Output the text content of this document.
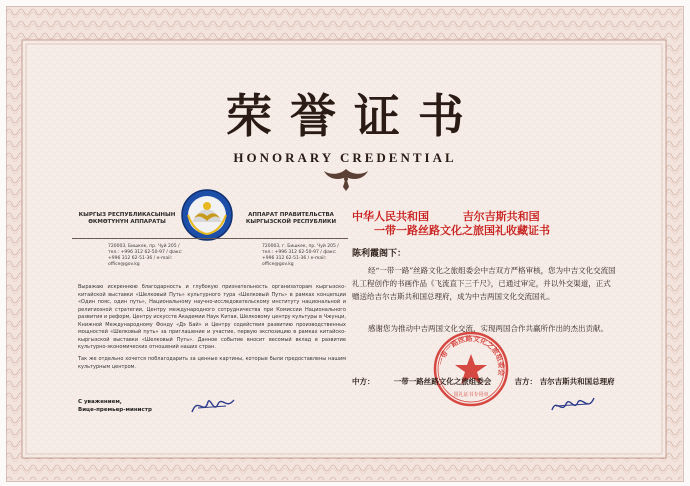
荣誉证书
HONORARY CREDENTIAL
КЫРГЫЗ РЕСПУБЛИКАСЫНЫН ӨКМӨТҮНҮН АППАРАТЫ
АППАРАТ ПРАВИТЕЛЬСТВА КЫРГЫЗСКОЙ РЕСПУБЛИКИ
720003, Бишкек, пр. Чуй 205 / тел.: +996 312 62-50-97 / факс: +996 312 62-51-36 / e-mail: office@gov.kg
720003, г. Бишкек, пр. Чуй 205 / тел.: +996 312 62-50-97 / факс: +996 312 62-51-36 / e-mail: office@gov.kg
Выражаю искреннюю благодарность и глубокую признательность организаторам кыргызско-китайской выставки «Шелковый Путь» культурного тура «Шелковый Путь» в рамках концепции «Один пояс, один путь», Национальному научно-исследовательскому институту национальной и религиозной стратегии, Центру международного сотрудничества при Комиссии Национального развития и реформ, Центру искусств Академии Наук Китая, Шелковому центру культуры в Чжунци, Книжной Международному Фонду «Дэ Бай» и Центру содействия развитию производственных мощностей «Шелковый путь» за приглашение и участие, первую экспозицию в рамках китайско-кыргызской выставки «Шелковый Путь». Данное событие вносит весомый вклад в развитие культурно-экономических отношений наших стран.
Так же отдельно хочется поблагодарить за ценные картины, которые были предоставлены нашим культурным центром.
С уважением,
Вице-премьер-министр
中华人民共和国	吉尔吉斯共和国
一带一路丝路文化之旅国礼收藏证书
陈利霞阁下：
经“一带一路”丝路文化之旅组委会中吉双方严格审核，您为中吉文化交流国礼工程创作的书画作品《飞流直下三千尺》，已通过审定，并以外交渠道，正式赠送给吉尔吉斯共和国总理府，成为中吉两国文化交流国礼。
感谢您为推动中吉两国文化交流，实现两国合作共赢所作出的杰出贡献。
一带一路丝路文化之旅组委会
国礼证书专用章
中方：	一带一路丝路文化之旅组委会	吉方： 吉尔吉斯共和国总理府
